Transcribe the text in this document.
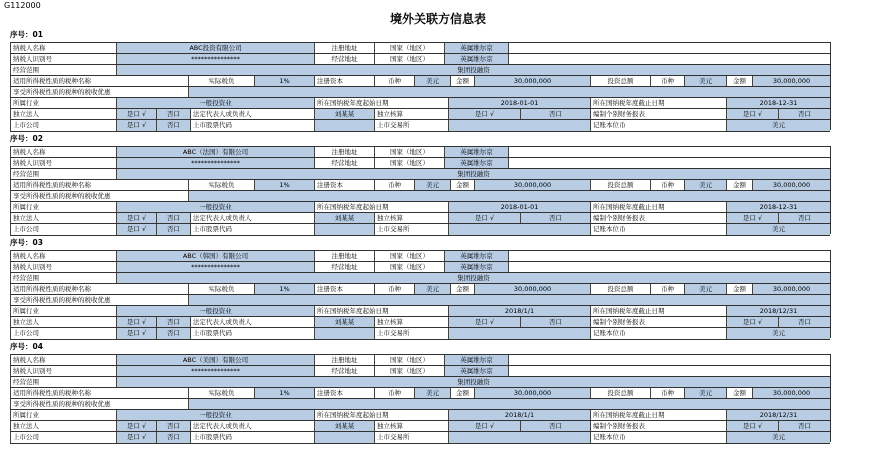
G112000
境外关联方信息表
序号：01
纳税人名称	ABC投资有限公司	注册地址	国家（地区）	英属维尔京
纳税人识别号	***************	经营地址	国家（地区）	英属维尔京
经营范围	集团投融资
适用所得税性质的税种名称	实际税负	1%	注册资本	币种	美元	金额	30,000,000	投资总额	币种	美元	金额	30,000,000
享受所得税性质的税种的税收优惠
所属行业	一般投资业	所在国纳税年度起始日期	2018-01-01	所在国纳税年度截止日期	2018-12-31
独立法人	是口 √	否口	法定代表人或负责人	刘某某	独立核算	是口 √	否口	编制个别财务报表	是口 √	否口
上市公司	是口 √	否口	上市股票代码	上市交易所	记账本位币	美元
序号：02
纳税人名称	ABC（法国）有限公司	注册地址	国家（地区）	英属维尔京
纳税人识别号	***************	经营地址	国家（地区）	英属维尔京
经营范围	集团投融资
适用所得税性质的税种名称	实际税负	1%	注册资本	币种	美元	金额	30,000,000	投资总额	币种	美元	金额	30,000,000
享受所得税性质的税种的税收优惠
所属行业	一般投资业	所在国纳税年度起始日期	2018-01-01	所在国纳税年度截止日期	2018-12-31
独立法人	是口 √	否口	法定代表人或负责人	刘某某	独立核算	是口 √	否口	编制个别财务报表	是口 √	否口
上市公司	是口 √	否口	上市股票代码	上市交易所	记账本位币	美元
序号：03
纳税人名称	ABC（韩国）有限公司	注册地址	国家（地区）	英属维尔京
纳税人识别号	***************	经营地址	国家（地区）	英属维尔京
经营范围	集团投融资
适用所得税性质的税种名称	实际税负	1%	注册资本	币种	美元	金额	30,000,000	投资总额	币种	美元	金额	30,000,000
享受所得税性质的税种的税收优惠
所属行业	一般投资业	所在国纳税年度起始日期	2018/1/1	所在国纳税年度截止日期	2018/12/31
独立法人	是口 √	否口	法定代表人或负责人	刘某某	独立核算	是口 √	否口	编制个别财务报表	是口 √	否口
上市公司	是口 √	否口	上市股票代码	上市交易所	记账本位币	美元
序号：04
纳税人名称	ABC（美国）有限公司	注册地址	国家（地区）	英属维尔京
纳税人识别号	***************	经营地址	国家（地区）	英属维尔京
经营范围	集团投融资
适用所得税性质的税种名称	实际税负	1%	注册资本	币种	美元	金额	30,000,000	投资总额	币种	美元	金额	30,000,000
享受所得税性质的税种的税收优惠
所属行业	一般投资业	所在国纳税年度起始日期	2018/1/1	所在国纳税年度截止日期	2018/12/31
独立法人	是口 √	否口	法定代表人或负责人	刘某某	独立核算	是口 √	否口	编制个别财务报表	是口 √	否口
上市公司	是口 √	否口	上市股票代码	上市交易所	记账本位币	美元
